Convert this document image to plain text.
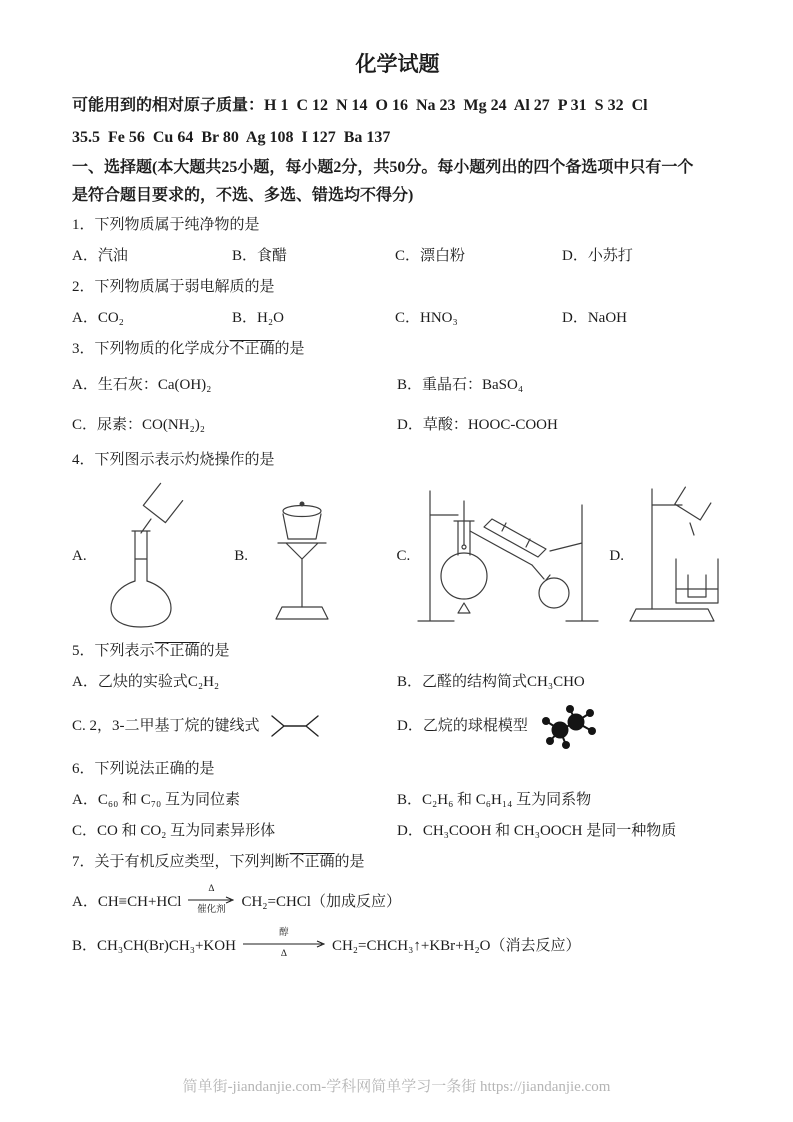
化学试题
可能用到的相对原子质量：H 1  C 12  N 14  O 16  Na 23  Mg 24  Al 27  P 31  S 32  Cl
35.5  Fe 56  Cu 64  Br 80  Ag 108  I 127  Ba 137
一、选择题(本大题共25小题，每小题2分，共50分。每小题列出的四个备选项中只有一个
是符合题目要求的，不选、多选、错选均不得分)
1．下列物质属于纯净物的是
A．汽油	B．食醋	C．漂白粉	D．小苏打
2．下列物质属于弱电解质的是
A．CO₂	B．H₂O	C．HNO₃	D．NaOH
3．下列物质的化学成分不正确的是
A．生石灰：Ca(OH)₂	B．重晶石：BaSO₄
C．尿素：CO(NH₂)₂	D．草酸：HOOC-COOH
4．下列图示表示灼烧操作的是
A.	B.	C.	D.
5．下列表示不正确的是
A．乙炔的实验式C₂H₂	B．乙醛的结构简式CH₃CHO
C. 2，3-二甲基丁烷的键线式	D．乙烷的球棍模型
6．下列说法正确的是
A．C₆₀ 和 C₇₀ 互为同位素	B．C₂H₆ 和 C₆H₁₄ 互为同系物
C．CO 和 CO₂ 互为同素异形体	D．CH₃COOH 和 CH₃OOCH 是同一种物质
7．关于有机反应类型，下列判断不正确的是
A．CH≡CH+HCl
Δ
催化剂
CH₂=CHCl（加成反应）
B．CH₃CH(Br)CH₃+KOH
醇
Δ
CH₂=CHCH₃↑+KBr+H₂O（消去反应）
简单街-jiandanjie.com-学科网简单学习一条街 https://jiandanjie.com
